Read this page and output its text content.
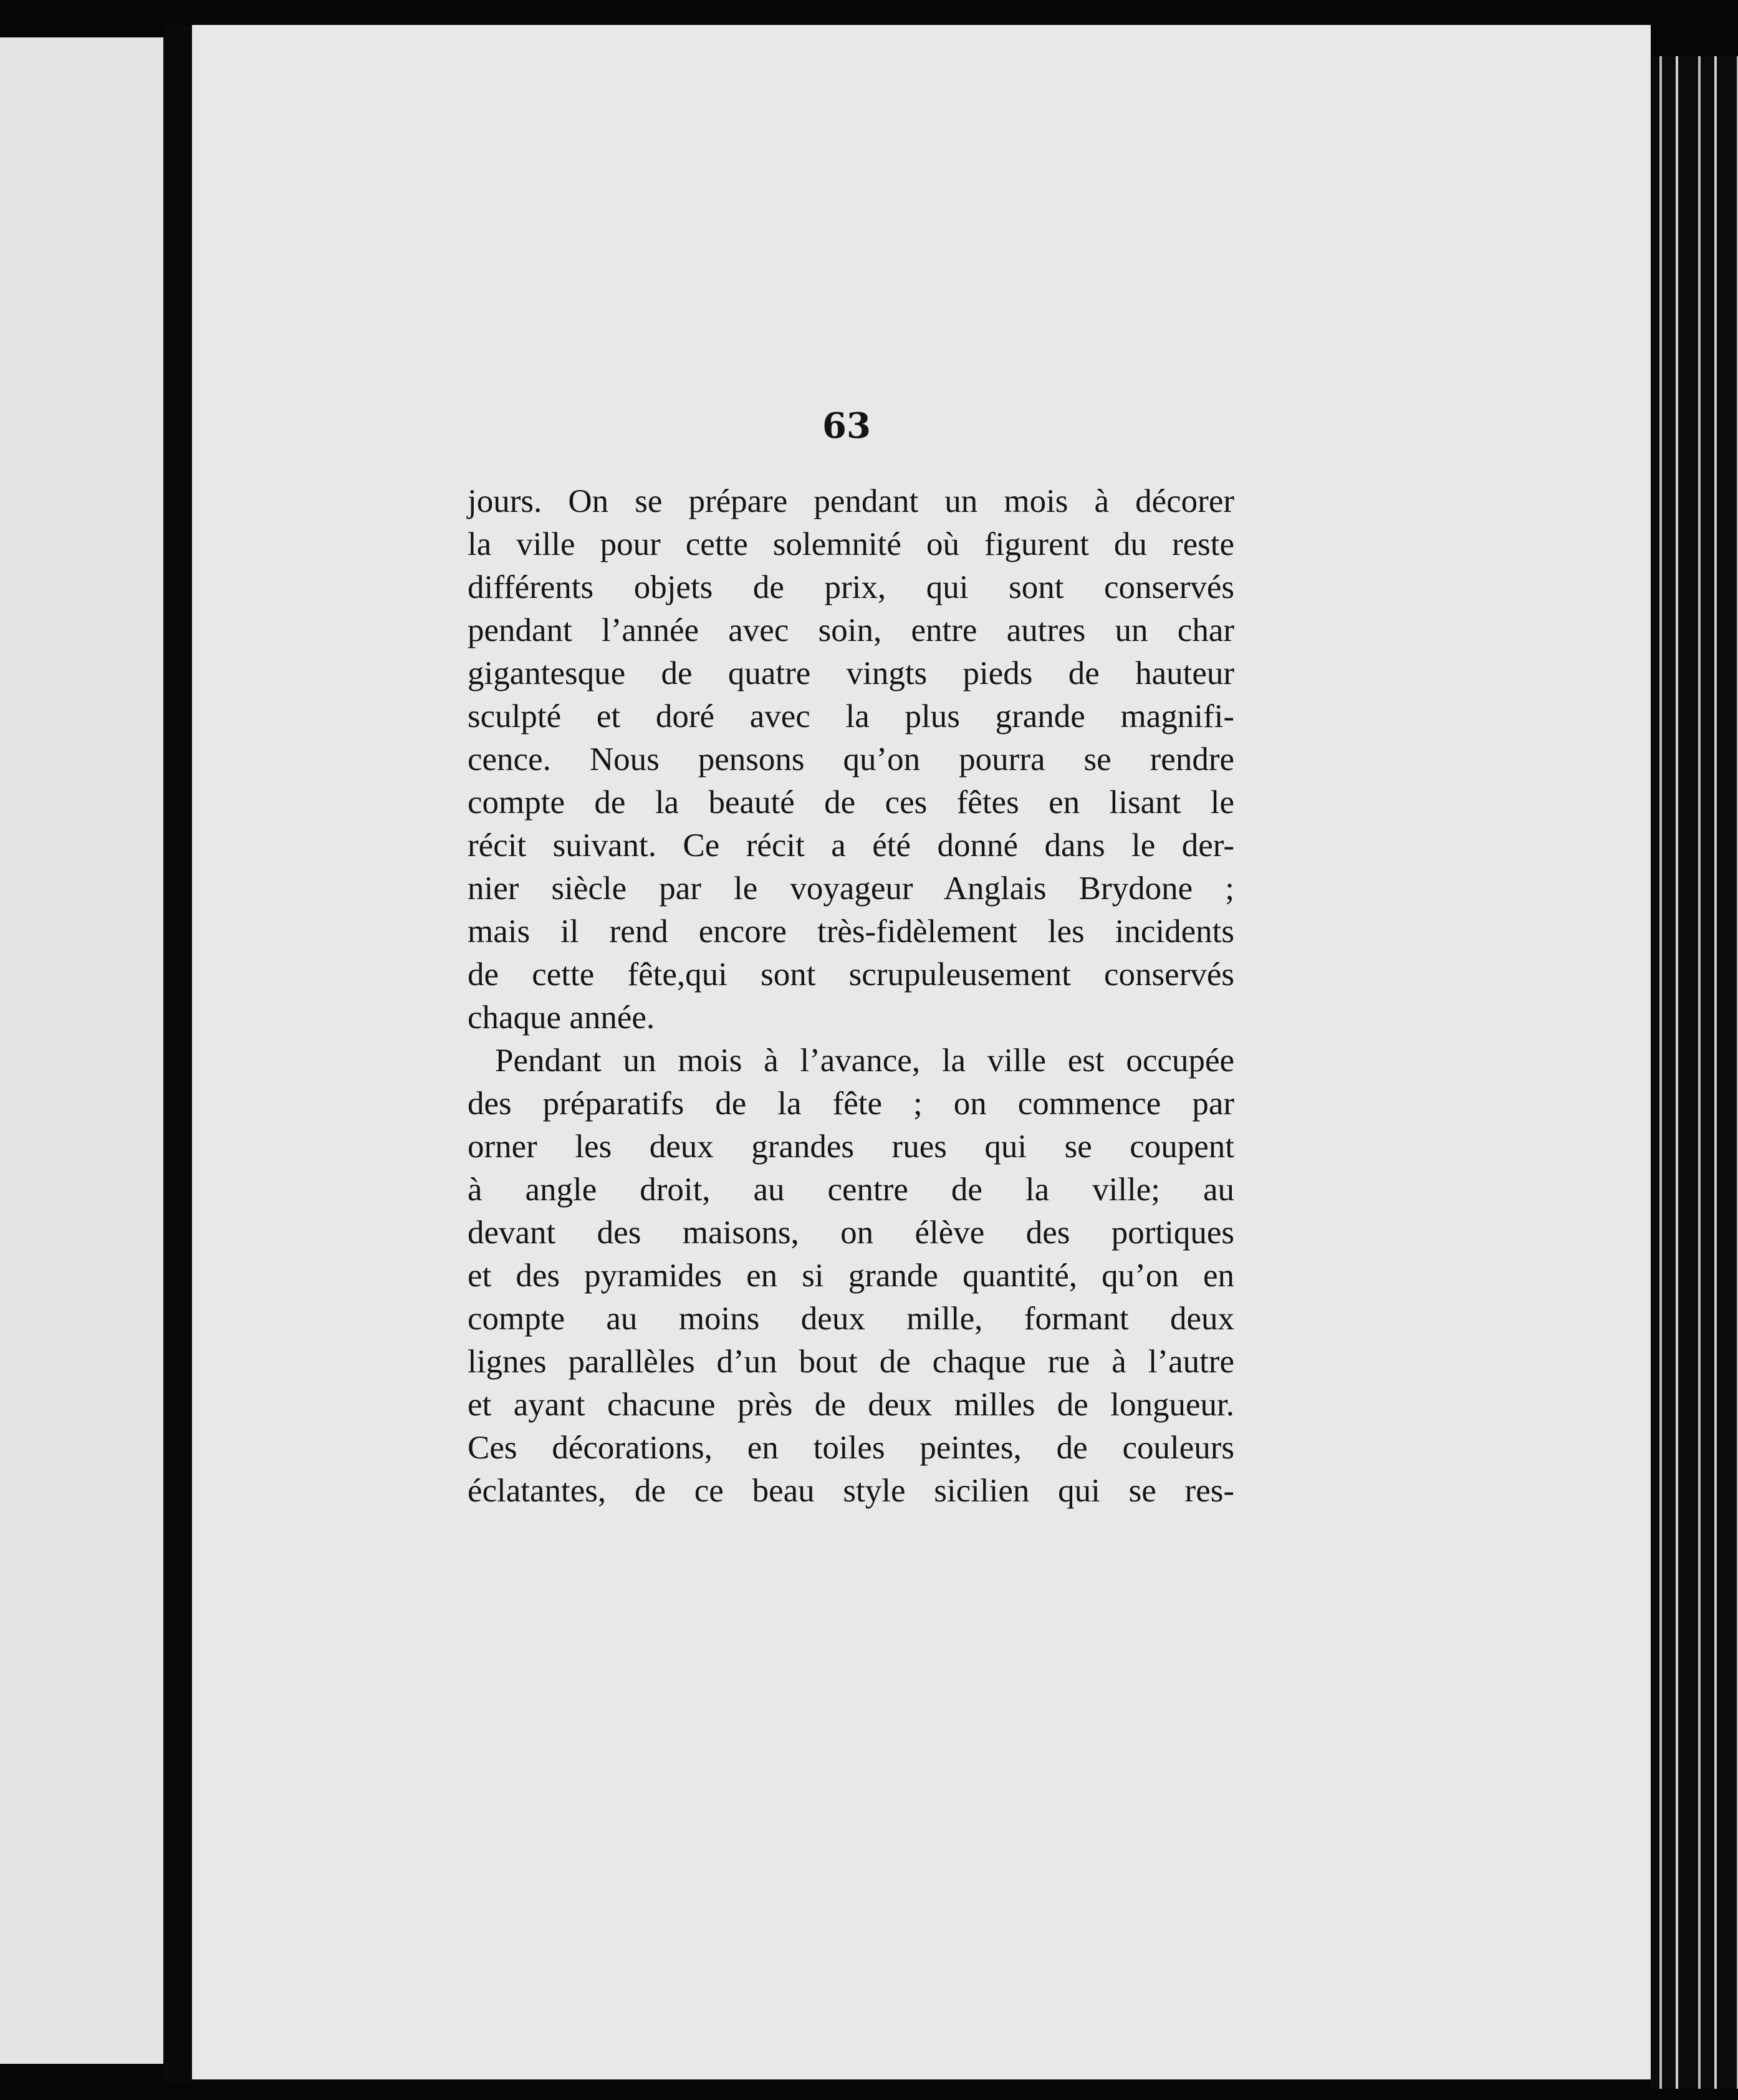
63
jours. On se prépare pendant un mois à décorer
la ville pour cette solemnité où figurent du reste
différents objets de prix, qui sont conservés
pendant l’année avec soin, entre autres un char
gigantesque de quatre vingts pieds de hauteur
sculpté et doré avec la plus grande magnifi-
cence. Nous pensons qu’on pourra se rendre
compte de la beauté de ces fêtes en lisant le
récit suivant. Ce récit a été donné dans le der-
nier siècle par le voyageur Anglais Brydone ;
mais il rend encore très-fidèlement les incidents
de cette fête,qui sont scrupuleusement conservés
chaque année.
Pendant un mois à l’avance, la ville est occupée
des préparatifs de la fête ; on commence par
orner les deux grandes rues qui se coupent
à angle droit, au centre de la ville; au
devant des maisons, on élève des portiques
et des pyramides en si grande quantité, qu’on en
compte au moins deux mille, formant deux
lignes parallèles d’un bout de chaque rue à l’autre
et ayant chacune près de deux milles de longueur.
Ces décorations, en toiles peintes, de couleurs
éclatantes, de ce beau style sicilien qui se res-
